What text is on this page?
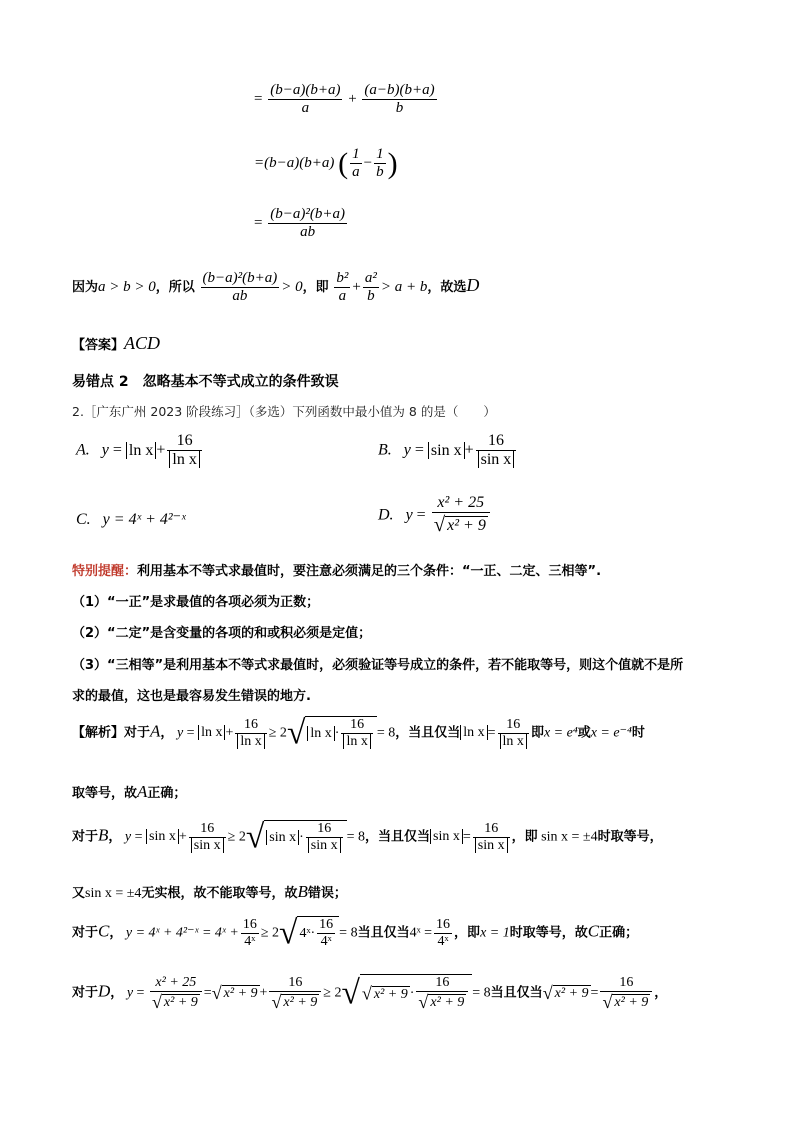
= $\frac{(b-a)(b+a)}{a} + \frac{(a-b)(b+a)}{b}$
=(b−a)(b+a) ( $\frac{1}{a} - \frac{1}{b}$ )
= $\frac{\text{(b−a)²(b+a)}}{ab}$
因为a > b > 0，所以 $\frac{\text{(b−a)²(b+a)}}{ab} > 0$，即 $\frac{\text{b²}}{a} + \frac{\text{a²}}{b} > a + b$，故选D
【答案】ACD
易错点 2　忽略基本不等式成立的条件致误
2.［广东广州 2023 阶段练习］（多选）下列函数中最小值为 8 的是（　　）
A. $y = \ln x + \frac{16}{\text{ln x}}$	B. $y = \sin x + \frac{16}{\text{sin x}}$
C. y = 4ˣ + 4²⁻ˣ	D. $y = \frac{\text{x² + 25}}{\text{√ x² + 9}}$
特别提醒：利用基本不等式求最值时，要注意必须满足的三个条件：“一正、二定、三相等”.
（1）“一正”是求最值的各项必须为正数；
（2）“二定”是含变量的各项的和或积必须是定值；
（3）“三相等”是利用基本不等式求最值时，必须验证等号成立的条件，若不能取等号，则这个值就不是所
求的最值，这也是最容易发生错误的地方.
【解析】对于A， $y = \ln x + \frac{16}{\text{ln x}} \ge 2√$ $\ln x \cdot \frac{16}{\text{ln x}} = 8$，当且仅当 $\ln x = \frac{16}{\text{ln x}}$ 即x = e⁴或x = e⁻⁴时
取等号，故A正确；
对于B， $y = \sin x + \frac{16}{\text{sin x}} \ge 2√$ $\sin x \cdot \frac{16}{\text{sin x}} = 8$，当且仅当 $\sin x = \frac{16}{\text{sin x}}$ ，即 sin x = ±4时取等号，
又sin x = ±4无实根，故不能取等号，故B错误；
对于C， y = 4ˣ + 4²⁻ˣ = 4ˣ + $\frac{16}{\text{4ˣ}} \ge 2√$ 4ˣ· $\frac{16}{\text{4ˣ}} = 8$当且仅当4ˣ = $\frac{16}{\text{4ˣ}}$ ，即x = 1时取等号，故C正确；
对于D， $y = \frac{\text{x² + 25}}{\text{√ x² + 9}}$ =√ $x^2 + 9 + \frac{16}{\text{√ x² + 9}} \ge 2√$ √ $x^2 + 9 \cdot \frac{16}{\text{√ x² + 9}} = 8$当且仅当√ $x^2 + 9 = \frac{16}{\text{√ x² + 9}}$ ，
